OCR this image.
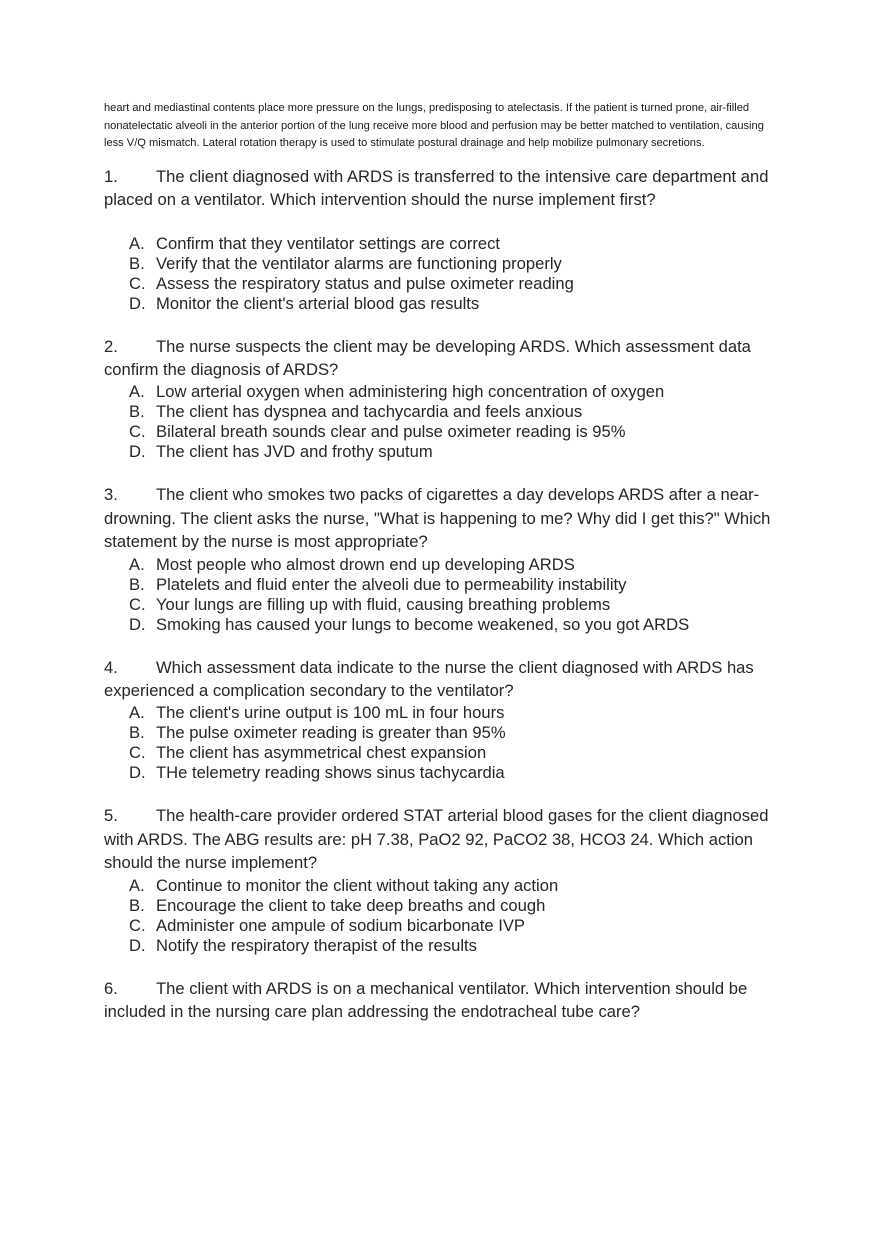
heart and mediastinal contents place more pressure on the lungs, predisposing to atelectasis. If the patient is turned prone, air-filled nonatelectatic alveoli in the anterior portion of the lung receive more blood and perfusion may be better matched to ventilation, causing less V/Q mismatch. Lateral rotation therapy is used to stimulate postural drainage and help mobilize pulmonary secretions.

1. The client diagnosed with ARDS is transferred to the intensive care department and placed on a ventilator. Which intervention should the nurse implement first?

A. Confirm that they ventilator settings are correct
B. Verify that the ventilator alarms are functioning properly
C. Assess the respiratory status and pulse oximeter reading
D. Monitor the client's arterial blood gas results

2. The nurse suspects the client may be developing ARDS. Which assessment data confirm the diagnosis of ARDS?

A. Low arterial oxygen when administering high concentration of oxygen
B. The client has dyspnea and tachycardia and feels anxious
C. Bilateral breath sounds clear and pulse oximeter reading is 95%
D. The client has JVD and frothy sputum

3. The client who smokes two packs of cigarettes a day develops ARDS after a near-drowning. The client asks the nurse, "What is happening to me? Why did I get this?" Which statement by the nurse is most appropriate?

A. Most people who almost drown end up developing ARDS
B. Platelets and fluid enter the alveoli due to permeability instability
C. Your lungs are filling up with fluid, causing breathing problems
D. Smoking has caused your lungs to become weakened, so you got ARDS

4. Which assessment data indicate to the nurse the client diagnosed with ARDS has experienced a complication secondary to the ventilator?

A. The client's urine output is 100 mL in four hours
B. The pulse oximeter reading is greater than 95%
C. The client has asymmetrical chest expansion
D. THe telemetry reading shows sinus tachycardia

5. The health-care provider ordered STAT arterial blood gases for the client diagnosed with ARDS. The ABG results are: pH 7.38, PaO2 92, PaCO2 38, HCO3 24. Which action should the nurse implement?

A. Continue to monitor the client without taking any action
B. Encourage the client to take deep breaths and cough
C. Administer one ampule of sodium bicarbonate IVP
D. Notify the respiratory therapist of the results

6. The client with ARDS is on a mechanical ventilator. Which intervention should be included in the nursing care plan addressing the endotracheal tube care?
